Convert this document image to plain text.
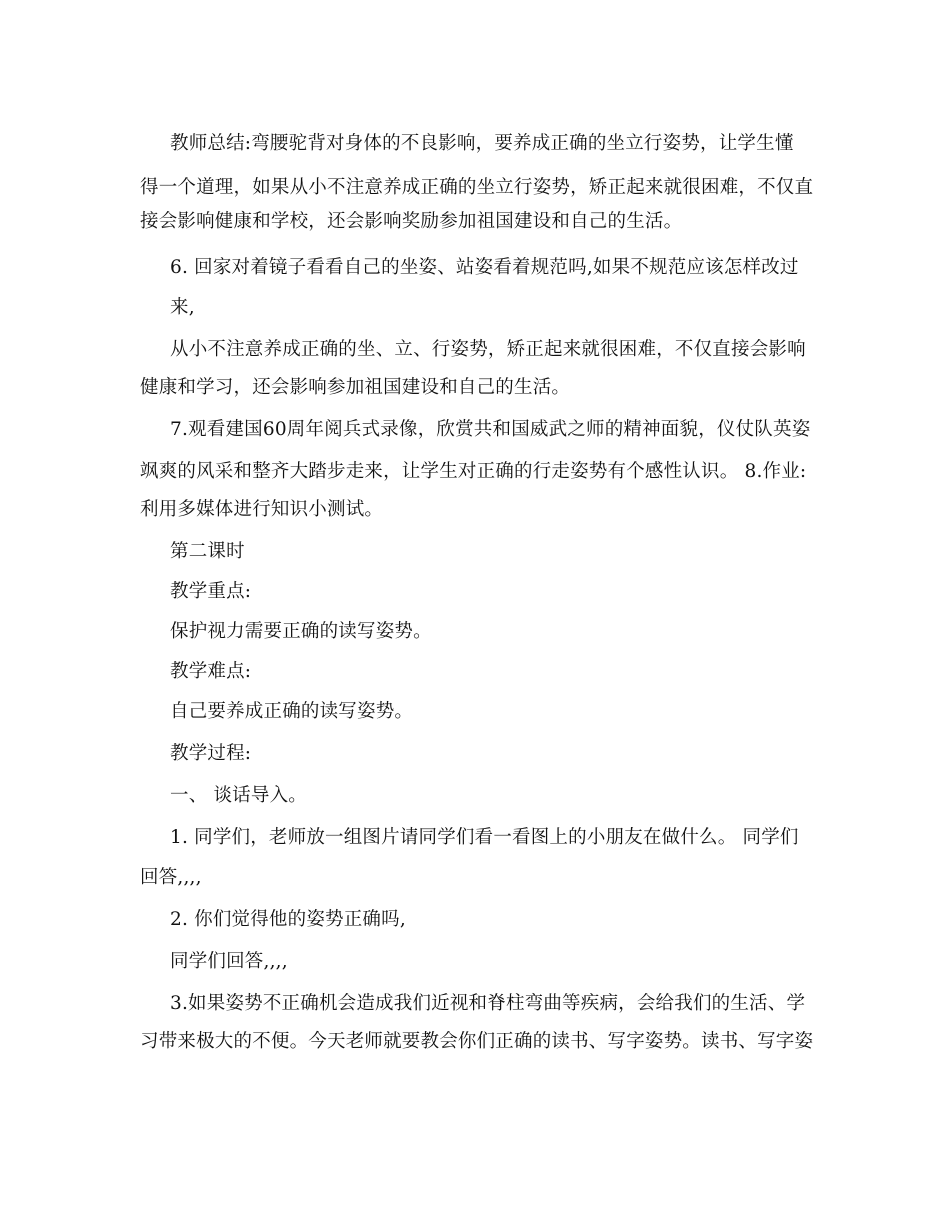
教师总结:弯腰驼背对身体的不良影响，要养成正确的坐立行姿势，让学生懂
得一个道理，如果从小不注意养成正确的坐立行姿势，矫正起来就很困难，不仅直
接会影响健康和学校，还会影响奖励参加祖国建设和自己的生活。
6. 回家对着镜子看看自己的坐姿、站姿看着规范吗,如果不规范应该怎样改过
来,
从小不注意养成正确的坐、立、行姿势，矫正起来就很困难，不仅直接会影响
健康和学习，还会影响参加祖国建设和自己的生活。
7.观看建国60周年阅兵式录像，欣赏共和国威武之师的精神面貌，仪仗队英姿
飒爽的风采和整齐大踏步走来，让学生对正确的行走姿势有个感性认识。 8.作业:
利用多媒体进行知识小测试。
第二课时
教学重点:
保护视力需要正确的读写姿势。
教学难点:
自己要养成正确的读写姿势。
教学过程:
一、 谈话导入。
1. 同学们，老师放一组图片请同学们看一看图上的小朋友在做什么。 同学们
回答,,,,
2. 你们觉得他的姿势正确吗,
同学们回答,,,,
3.如果姿势不正确机会造成我们近视和脊柱弯曲等疾病，会给我们的生活、学
习带来极大的不便。今天老师就要教会你们正确的读书、写字姿势。读书、写字姿
